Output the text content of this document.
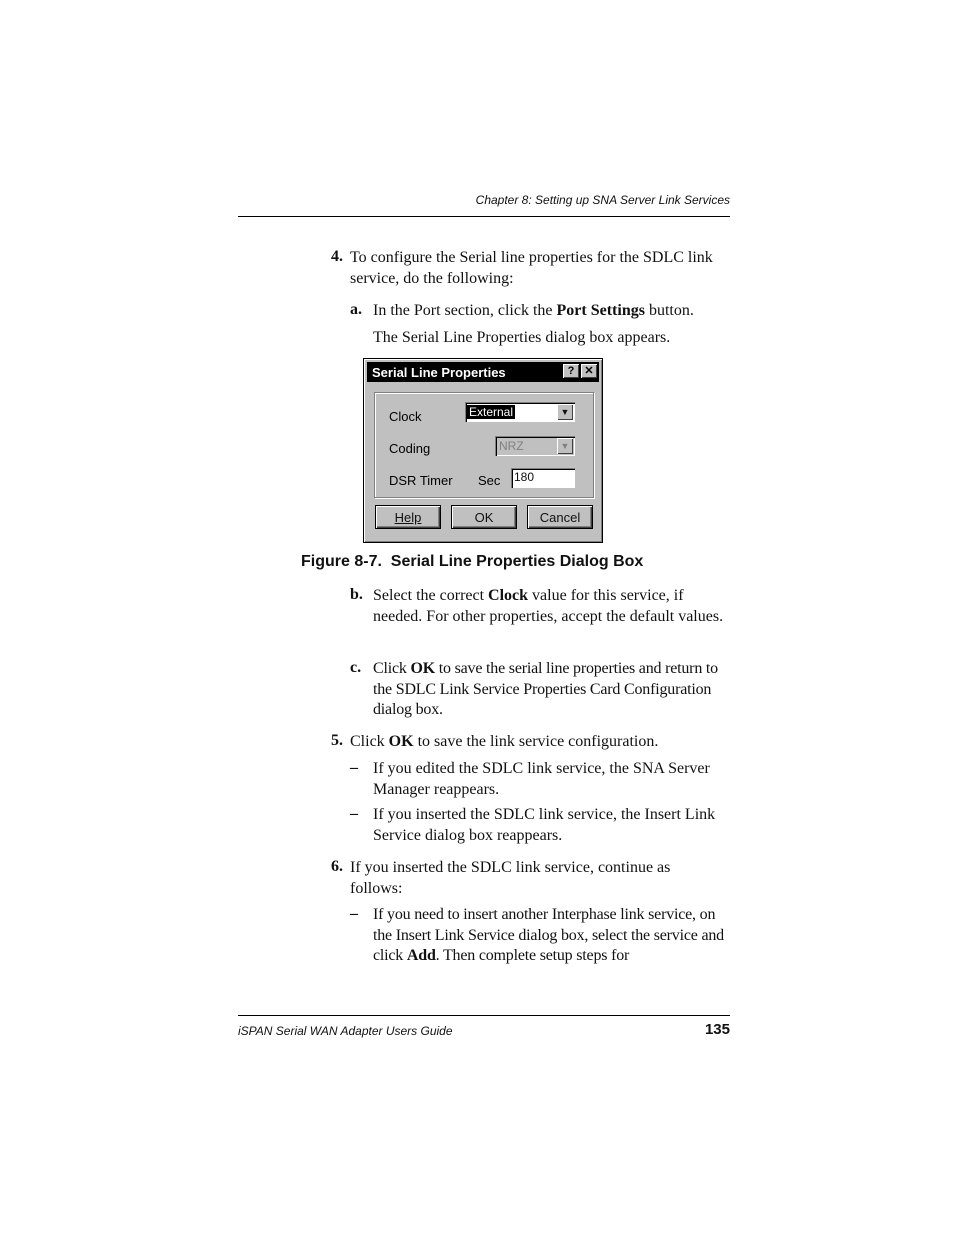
Chapter 8: Setting up SNA Server Link Services
4. To configure the Serial line properties for the SDLC link service, do the following:
a. In the Port section, click the Port Settings button.
The Serial Line Properties dialog box appears.
Serial Line Properties	? ✕
Clock	External	▼
Coding	NRZ	▼
DSR Timer Sec 180
Help	OK	Cancel
Figure 8-7.  Serial Line Properties Dialog Box
b. Select the correct Clock value for this service, if needed. For other properties, accept the default values.
c. Click OK to save the serial line properties and return to the SDLC Link Service Properties Card Configuration dialog box.
5. Click OK to save the link service configuration.
– If you edited the SDLC link service, the SNA Server Manager reappears.
– If you inserted the SDLC link service, the Insert Link Service dialog box reappears.
6. If you inserted the SDLC link service, continue as follows:
– If you need to insert another Interphase link service, on the Insert Link Service dialog box, select the service and click Add. Then complete setup steps for
iSPAN Serial WAN Adapter Users Guide	135
